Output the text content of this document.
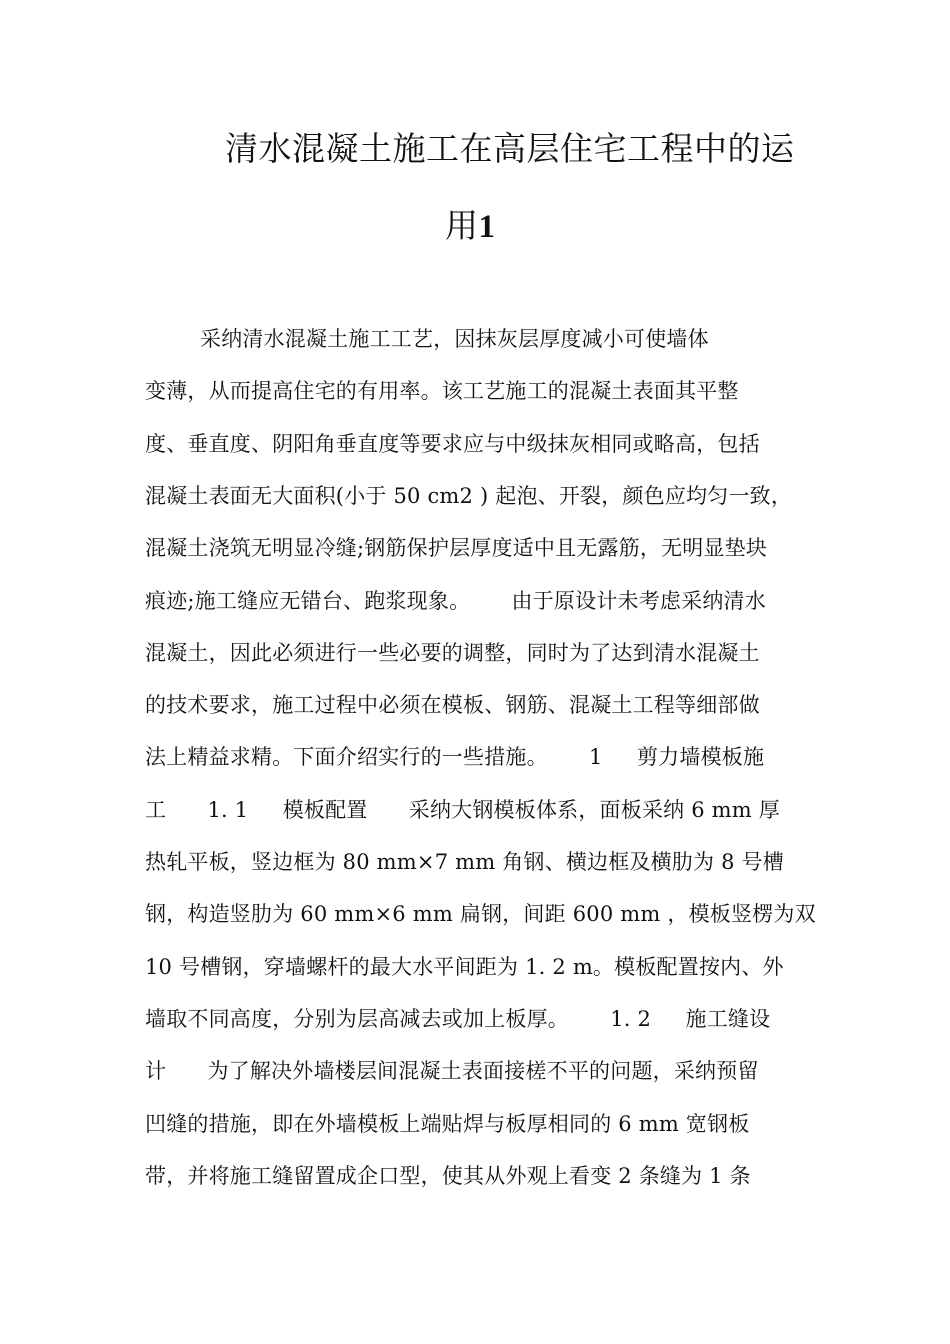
清水混凝土施工在高层住宅工程中的运
用1
采纳清水混凝土施工工艺，因抹灰层厚度减小可使墙体
变薄，从而提高住宅的有用率。该工艺施工的混凝土表面其平整
度、垂直度、阴阳角垂直度等要求应与中级抹灰相同或略高，包括
混凝土表面无大面积(小于 50 cm2 ) 起泡、开裂，颜色应均匀一致，
混凝土浇筑无明显冷缝;钢筋保护层厚度适中且无露筋，无明显垫块
痕迹;施工缝应无错台、跑浆现象。      由于原设计未考虑采纳清水
混凝土，因此必须进行一些必要的调整，同时为了达到清水混凝土
的技术要求，施工过程中必须在模板、钢筋、混凝土工程等细部做
法上精益求精。下面介绍实行的一些措施。      1     剪力墙模板施
工      1. 1     模板配置      采纳大钢模板体系，面板采纳 6 mm 厚
热轧平板，竖边框为 80 mm×7 mm 角钢、横边框及横肋为 8 号槽
钢，构造竖肋为 60 mm×6 mm 扁钢，间距 600 mm ，模板竖楞为双
10 号槽钢，穿墙螺杆的最大水平间距为 1. 2 m。模板配置按内、外
墙取不同高度，分别为层高减去或加上板厚。      1. 2     施工缝设
计      为了解决外墙楼层间混凝土表面接槎不平的问题，采纳预留
凹缝的措施，即在外墙模板上端贴焊与板厚相同的 6 mm 宽钢板
带，并将施工缝留置成企口型，使其从外观上看变 2 条缝为 1 条
